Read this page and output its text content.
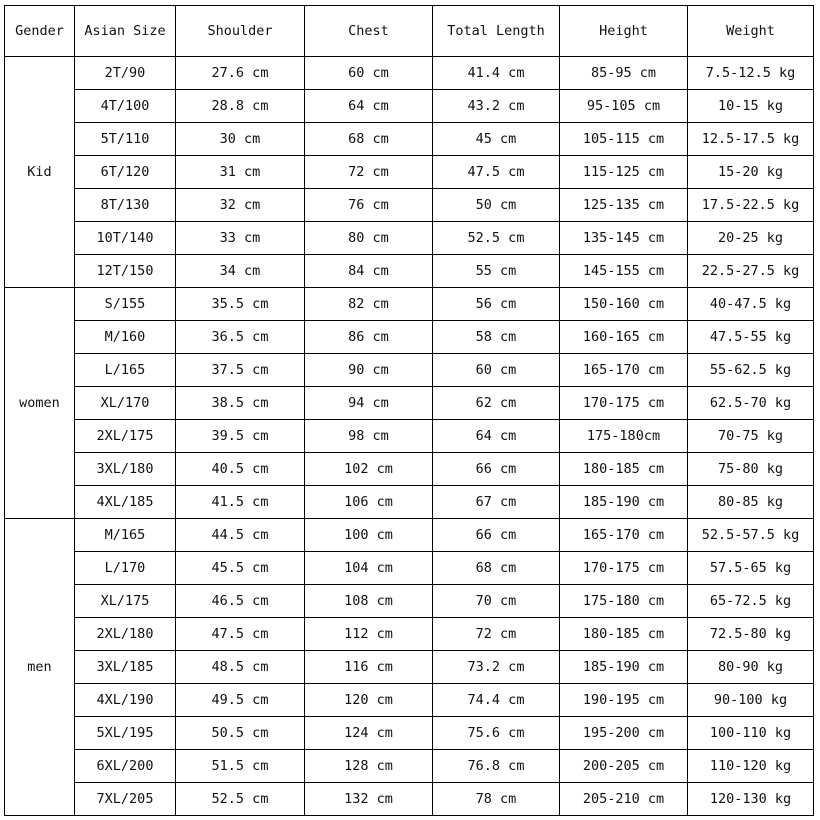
Gender	Asian Size	Shoulder	Chest	Total Length	Height	Weight
Kid	2T/90	27.6 cm	60 cm	41.4 cm	85-95 cm	7.5-12.5 kg
	4T/100	28.8 cm	64 cm	43.2 cm	95-105 cm	10-15 kg
	5T/110	30 cm	68 cm	45 cm	105-115 cm	12.5-17.5 kg
	6T/120	31 cm	72 cm	47.5 cm	115-125 cm	15-20 kg
	8T/130	32 cm	76 cm	50 cm	125-135 cm	17.5-22.5 kg
	10T/140	33 cm	80 cm	52.5 cm	135-145 cm	20-25 kg
	12T/150	34 cm	84 cm	55 cm	145-155 cm	22.5-27.5 kg
women	S/155	35.5 cm	82 cm	56 cm	150-160 cm	40-47.5 kg
	M/160	36.5 cm	86 cm	58 cm	160-165 cm	47.5-55 kg
	L/165	37.5 cm	90 cm	60 cm	165-170 cm	55-62.5 kg
	XL/170	38.5 cm	94 cm	62 cm	170-175 cm	62.5-70 kg
	2XL/175	39.5 cm	98 cm	64 cm	175-180cm	70-75 kg
	3XL/180	40.5 cm	102 cm	66 cm	180-185 cm	75-80 kg
	4XL/185	41.5 cm	106 cm	67 cm	185-190 cm	80-85 kg
men	M/165	44.5 cm	100 cm	66 cm	165-170 cm	52.5-57.5 kg
	L/170	45.5 cm	104 cm	68 cm	170-175 cm	57.5-65 kg
	XL/175	46.5 cm	108 cm	70 cm	175-180 cm	65-72.5 kg
	2XL/180	47.5 cm	112 cm	72 cm	180-185 cm	72.5-80 kg
	3XL/185	48.5 cm	116 cm	73.2 cm	185-190 cm	80-90 kg
	4XL/190	49.5 cm	120 cm	74.4 cm	190-195 cm	90-100 kg
	5XL/195	50.5 cm	124 cm	75.6 cm	195-200 cm	100-110 kg
	6XL/200	51.5 cm	128 cm	76.8 cm	200-205 cm	110-120 kg
	7XL/205	52.5 cm	132 cm	78 cm	205-210 cm	120-130 kg
